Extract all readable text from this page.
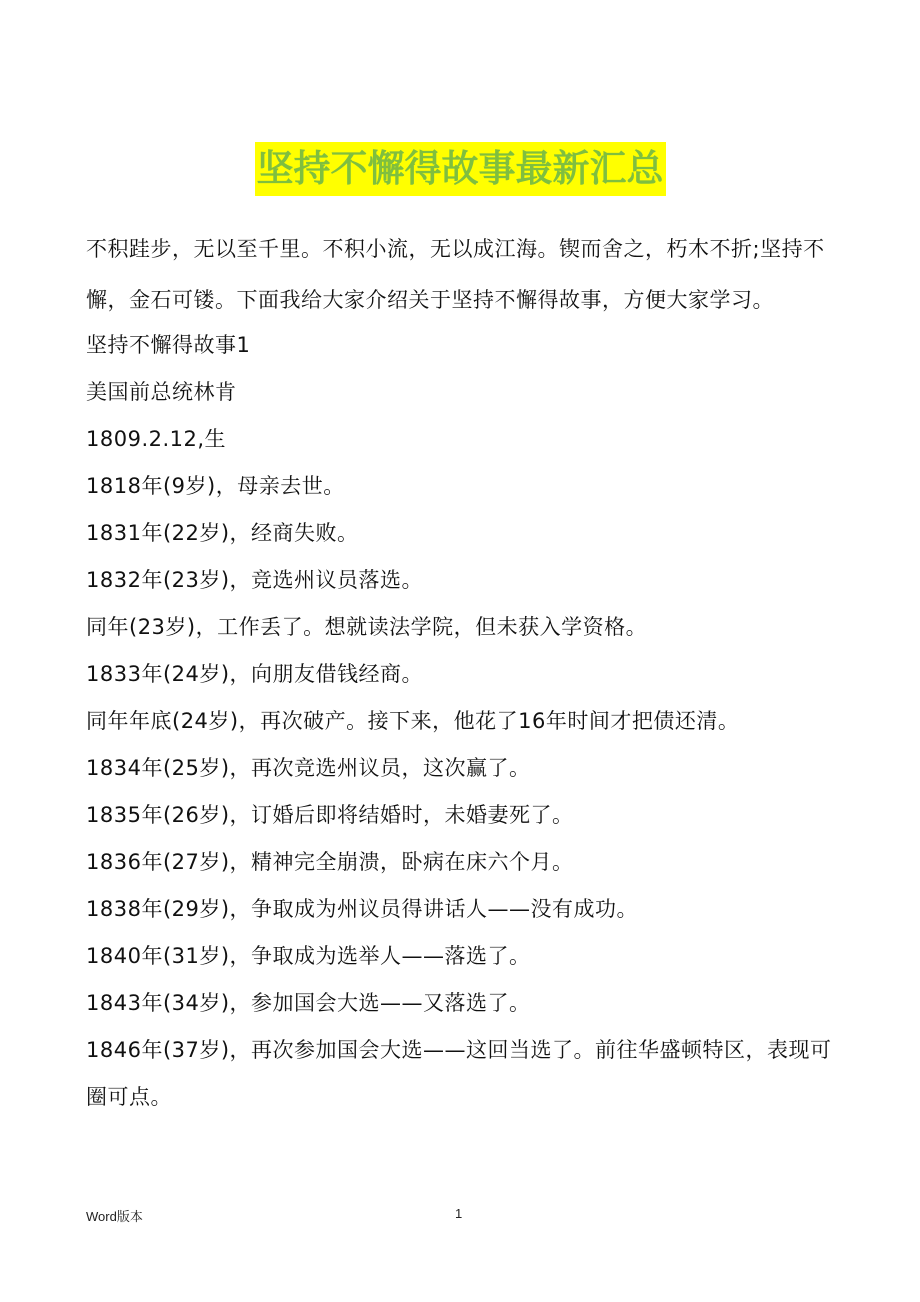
坚持不懈得故事最新汇总

不积跬步，无以至千里。不积小流，无以成江海。锲而舍之，朽木不折;坚持不懈，金石可镂。下面我给大家介绍关于坚持不懈得故事，方便大家学习。

坚持不懈得故事1

美国前总统林肯

1809.2.12,生

1818年(9岁)，母亲去世。

1831年(22岁)，经商失败。

1832年(23岁)，竞选州议员落选。

同年(23岁)，工作丢了。想就读法学院，但未获入学资格。

1833年(24岁)，向朋友借钱经商。

同年年底(24岁)，再次破产。接下来，他花了16年时间才把债还清。

1834年(25岁)，再次竞选州议员，这次赢了。

1835年(26岁)，订婚后即将结婚时，未婚妻死了。

1836年(27岁)，精神完全崩溃，卧病在床六个月。

1838年(29岁)，争取成为州议员得讲话人——没有成功。

1840年(31岁)，争取成为选举人——落选了。

1843年(34岁)，参加国会大选——又落选了。

1846年(37岁)，再次参加国会大选——这回当选了。前往华盛顿特区，表现可圈可点。

Word版本	1
